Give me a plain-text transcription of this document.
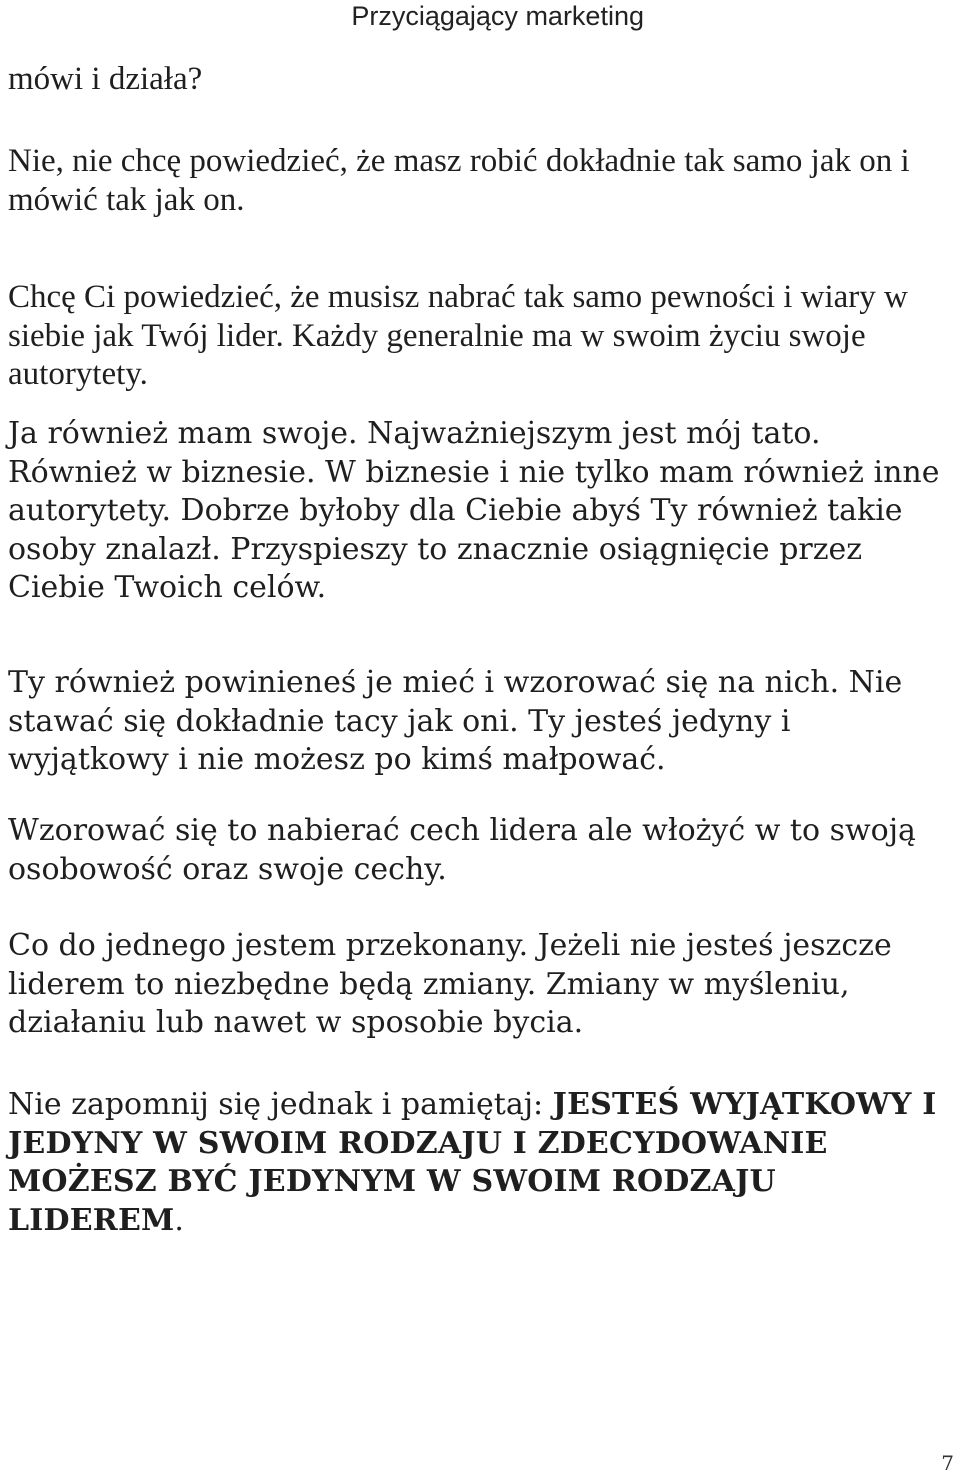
Przyciągający marketing

mówi i działa?

Nie, nie chcę powiedzieć, że masz robić dokładnie tak samo jak on i mówić tak jak on.

Chcę Ci powiedzieć, że musisz nabrać tak samo pewności i wiary w siebie jak Twój lider. Każdy generalnie ma w swoim życiu swoje autorytety.

Ja również mam swoje. Najważniejszym jest mój tato. Również w biznesie. W biznesie i nie tylko mam również inne autorytety. Dobrze byłoby dla Ciebie abyś Ty również takie osoby znalazł. Przyspieszy to znacznie osiągnięcie przez Ciebie Twoich celów.

Ty również powinieneś je mieć i wzorować się na nich. Nie stawać się dokładnie tacy jak oni. Ty jesteś jedyny i wyjątkowy i nie możesz po kimś małpować.

Wzorować się to nabierać cech lidera ale włożyć w to swoją osobowość oraz swoje cechy.

Co do jednego jestem przekonany. Jeżeli nie jesteś jeszcze liderem to niezbędne będą zmiany. Zmiany w myśleniu, działaniu lub nawet w sposobie bycia.

Nie zapomnij się jednak i pamiętaj: JESTEŚ WYJĄTKOWY I JEDYNY W SWOIM RODZAJU I ZDECYDOWANIE MOŻESZ BYĆ JEDYNYM W SWOIM RODZAJU LIDEREM.

7
